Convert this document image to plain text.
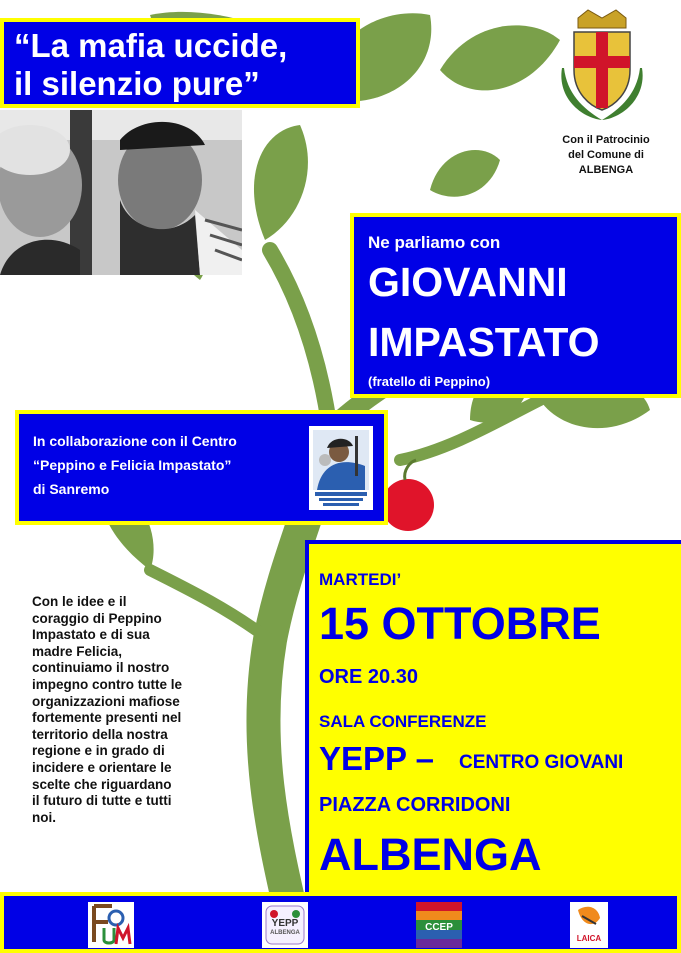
“La mafia uccide,
il silenzio pure”
Con il Patrocinio
del Comune di
ALBENGA
Ne parliamo con
GIOVANNI
IMPASTATO
(fratello di Peppino)
In collaborazione con il Centro
“Peppino e Felicia Impastato”
di Sanremo
MARTEDI’
15 OTTOBRE
ORE 20.30
SALA CONFERENZE
YEPP – CENTRO GIOVANI
PIAZZA CORRIDONI
ALBENGA
Con le idee e il
coraggio di Peppino
Impastato e di sua
madre Felicia,
continuiamo il nostro
impegno contro tutte le
organizzazioni mafiose
fortemente presenti nel
territorio della nostra
regione e in grado di
incidere e orientare le
scelte che riguardano
il futuro di tutte e tutti
noi.
YEPP
ALBENGA	CCEP
LAICA
